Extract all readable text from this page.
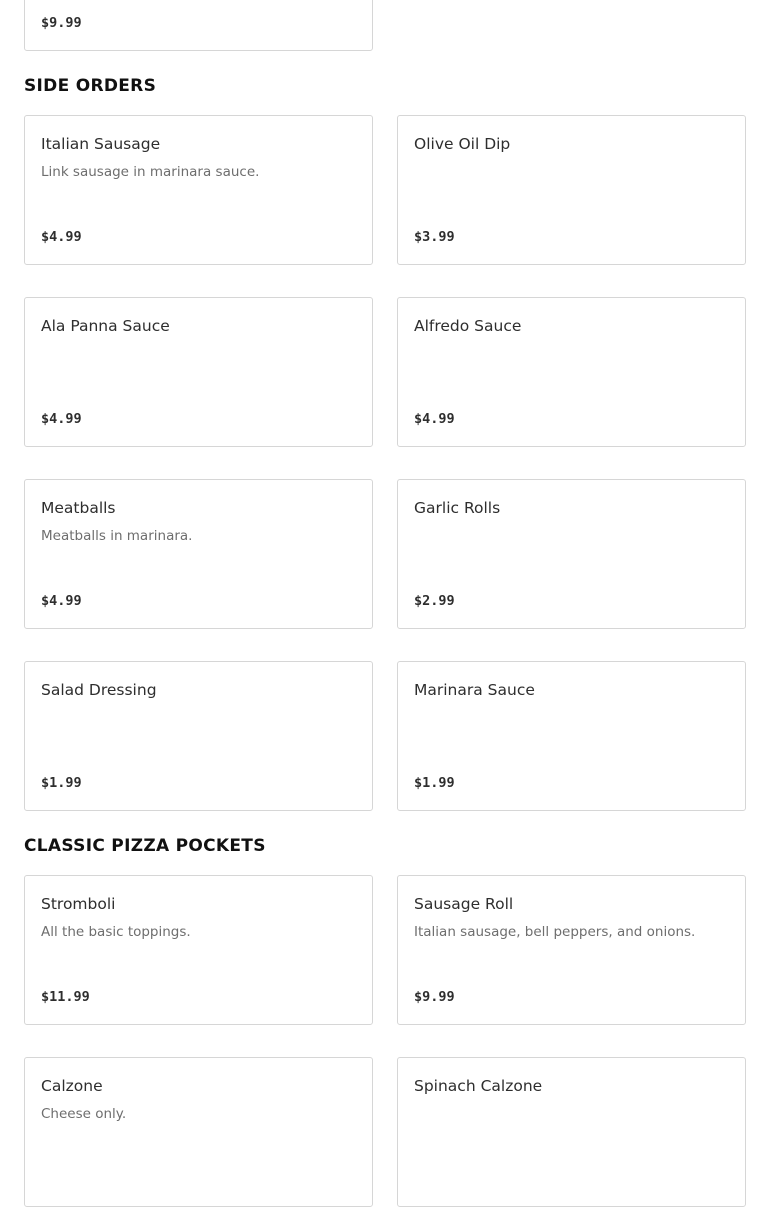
$9.99
SIDE ORDERS
Italian Sausage
Link sausage in marinara sauce.
$4.99
Olive Oil Dip
$3.99
Ala Panna Sauce
$4.99
Alfredo Sauce
$4.99
Meatballs
Meatballs in marinara.
$4.99
Garlic Rolls
$2.99
Salad Dressing
$1.99
Marinara Sauce
$1.99
CLASSIC PIZZA POCKETS
Stromboli
All the basic toppings.
$11.99
Sausage Roll
Italian sausage, bell peppers, and onions.
$9.99
Calzone
Cheese only.
Spinach Calzone
